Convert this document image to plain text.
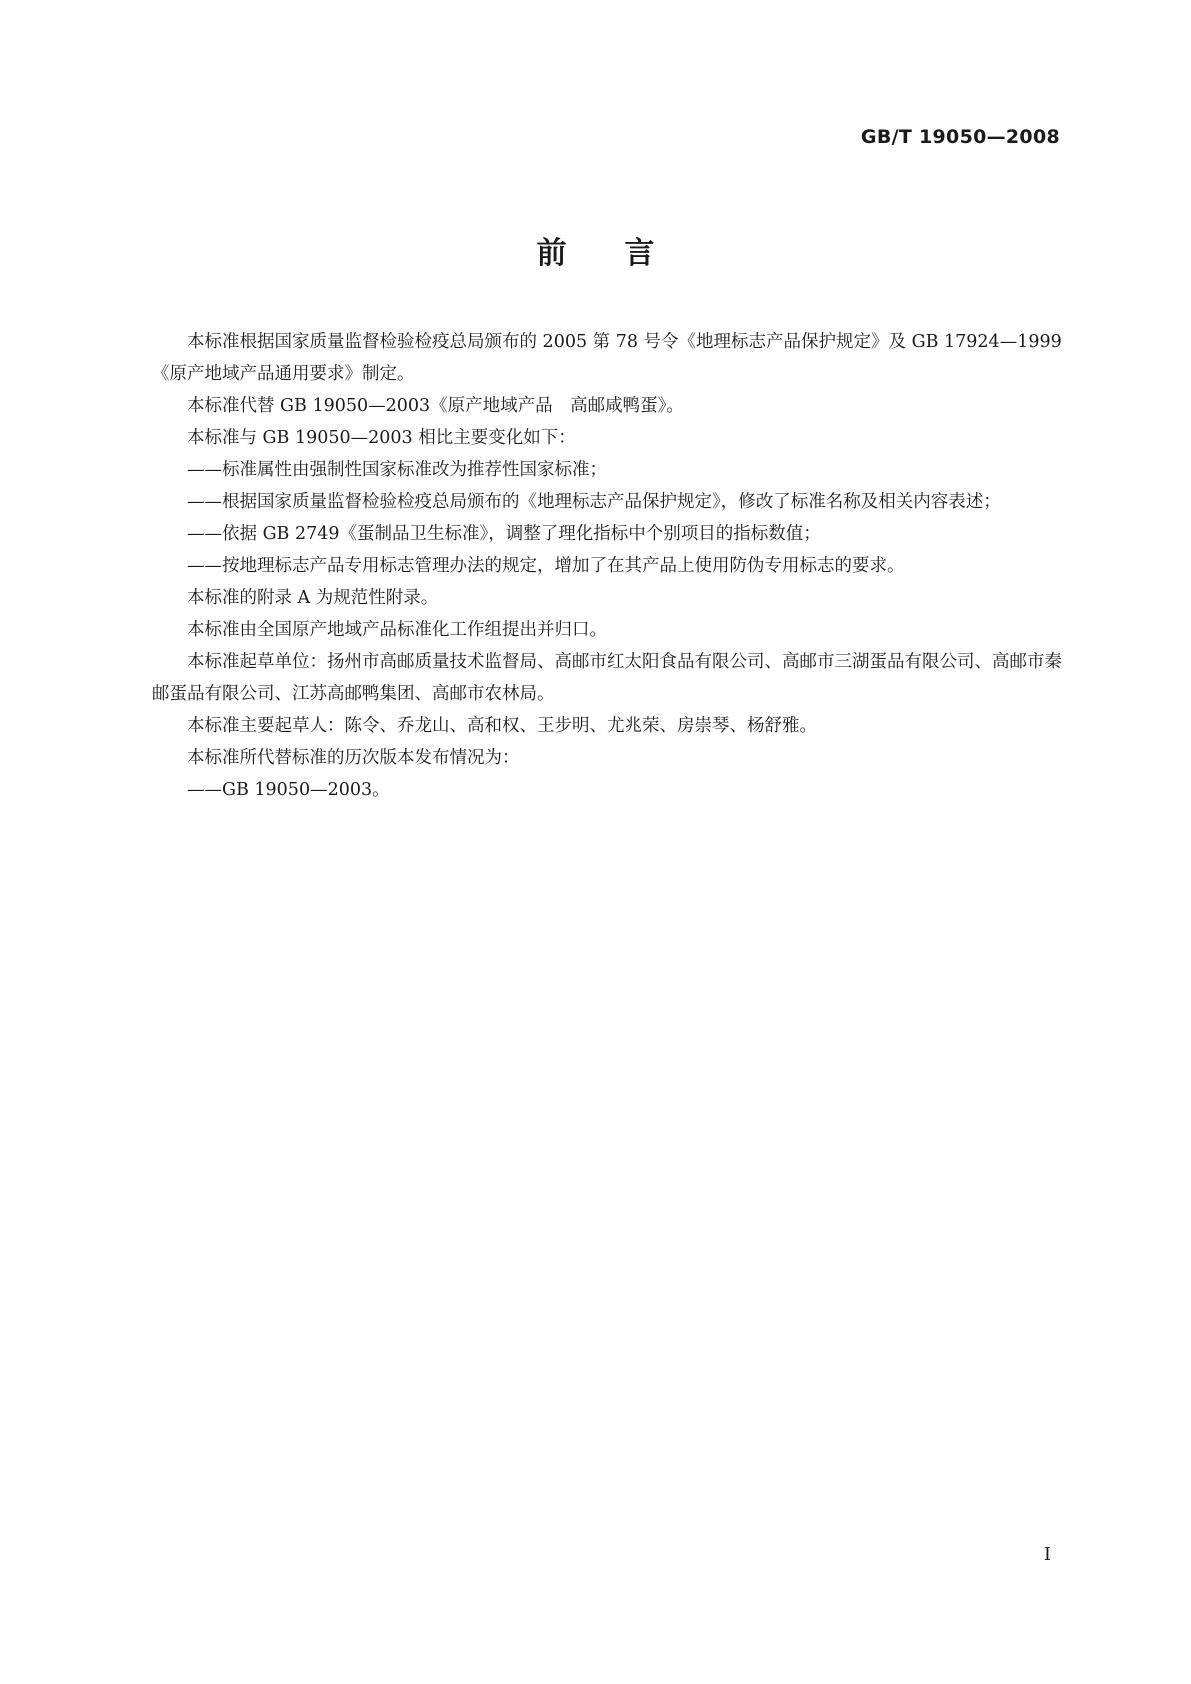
GB/T 19050—2008
前言

本标准根据国家质量监督检验检疫总局颁布的 2005 第 78 号令《地理标志产品保护规定》及 GB 17924—1999《原产地域产品通用要求》制定。

本标准代替 GB 19050—2003《原产地域产品　高邮咸鸭蛋》。

本标准与 GB 19050—2003 相比主要变化如下：

—— 标准属性由强制性国家标准改为推荐性国家标准；
—— 根据国家质量监督检验检疫总局颁布的《地理标志产品保护规定》，修改了标准名称及相关内容表述；
—— 依据 GB 2749《蛋制品卫生标准》，调整了理化指标中个别项目的指标数值；
—— 按地理标志产品专用标志管理办法的规定，增加了在其产品上使用防伪专用标志的要求。

本标准的附录 A 为规范性附录。

本标准由全国原产地域产品标准化工作组提出并归口。

本标准起草单位：扬州市高邮质量技术监督局、高邮市红太阳食品有限公司、高邮市三湖蛋品有限公司、高邮市秦邮蛋品有限公司、江苏高邮鸭集团、高邮市农林局。

本标准主要起草人：陈令、乔龙山、高和权、王步明、尤兆荣、房崇琴、杨舒雅。

本标准所代替标准的历次版本发布情况为：

—— GB 19050—2003。
Ⅰ
